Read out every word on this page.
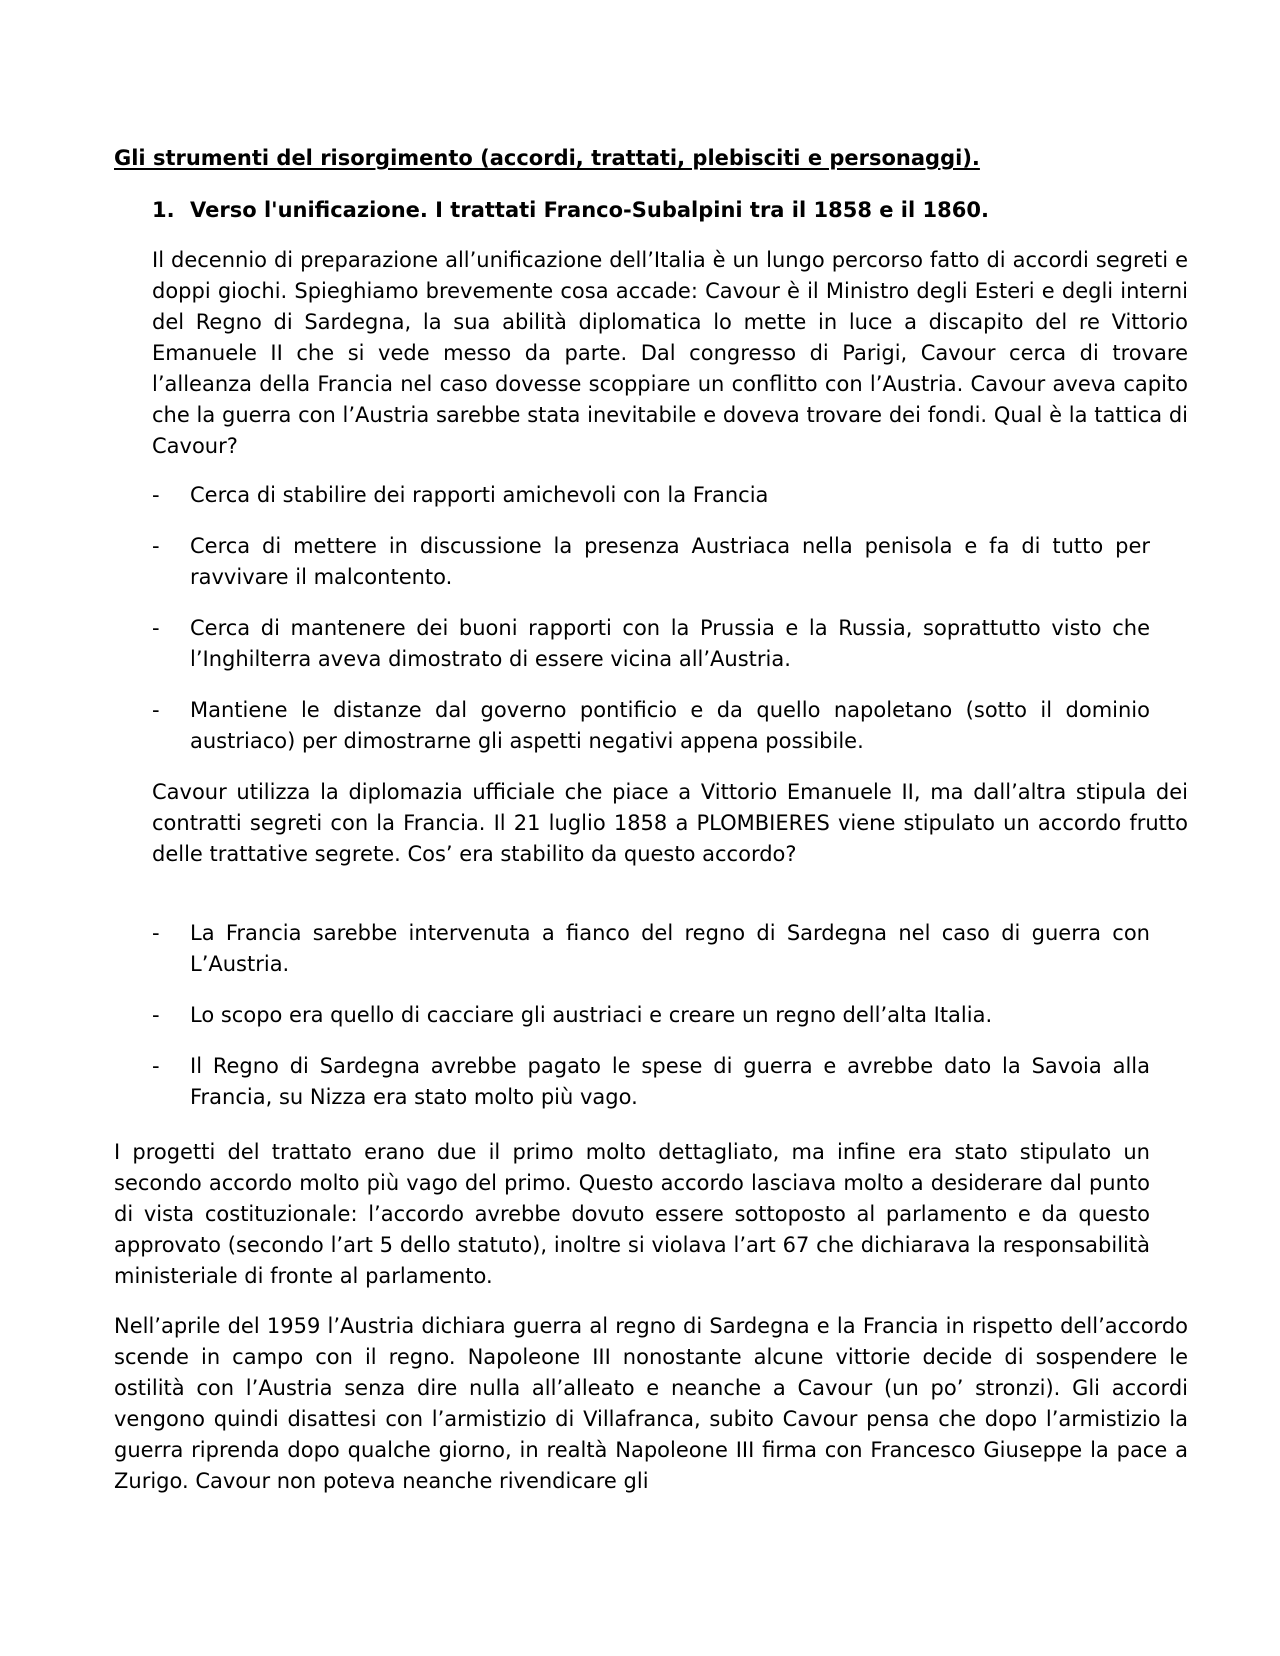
Gli strumenti del risorgimento (accordi, trattati, plebisciti e personaggi).
1. Verso l'unificazione. I trattati Franco-Subalpini tra il 1858 e il 1860.

Il decennio di preparazione all’unificazione dell’Italia è un lungo percorso fatto di accordi segreti e doppi giochi. Spieghiamo brevemente cosa accade: Cavour è il Ministro degli Esteri e degli interni del Regno di Sardegna, la sua abilità diplomatica lo mette in luce a discapito del re Vittorio Emanuele II che si vede messo da parte. Dal congresso di Parigi, Cavour cerca di trovare l’alleanza della Francia nel caso dovesse scoppiare un conflitto con l’Austria. Cavour aveva capito che la guerra con l’Austria sarebbe stata inevitabile e doveva trovare dei fondi. Qual è la tattica di Cavour?

- Cerca di stabilire dei rapporti amichevoli con la Francia
- Cerca di mettere in discussione la presenza Austriaca nella penisola e fa di tutto per ravvivare il malcontento.
- Cerca di mantenere dei buoni rapporti con la Prussia e la Russia, soprattutto visto che l’Inghilterra aveva dimostrato di essere vicina all’Austria.
- Mantiene le distanze dal governo pontificio e da quello napoletano (sotto il dominio austriaco) per dimostrarne gli aspetti negativi appena possibile.

Cavour utilizza la diplomazia ufficiale che piace a Vittorio Emanuele II, ma dall’altra stipula dei contratti segreti con la Francia. Il 21 luglio 1858 a PLOMBIERES viene stipulato un accordo frutto delle trattative segrete. Cos’ era stabilito da questo accordo?

- La Francia sarebbe intervenuta a fianco del regno di Sardegna nel caso di guerra con L’Austria.
- Lo scopo era quello di cacciare gli austriaci e creare un regno dell’alta Italia.
- Il Regno di Sardegna avrebbe pagato le spese di guerra e avrebbe dato la Savoia alla Francia, su Nizza era stato molto più vago.

I progetti del trattato erano due il primo molto dettagliato, ma infine era stato stipulato un secondo accordo molto più vago del primo. Questo accordo lasciava molto a desiderare dal punto di vista costituzionale: l’accordo avrebbe dovuto essere sottoposto al parlamento e da questo approvato (secondo l’art 5 dello statuto), inoltre si violava l’art 67 che dichiarava la responsabilità ministeriale di fronte al parlamento.

Nell’aprile del 1959 l’Austria dichiara guerra al regno di Sardegna e la Francia in rispetto dell’accordo scende in campo con il regno. Napoleone III nonostante alcune vittorie decide di sospendere le ostilità con l’Austria senza dire nulla all’alleato e neanche a Cavour (un po’ stronzi). Gli accordi vengono quindi disattesi con l’armistizio di Villafranca, subito Cavour pensa che dopo l’armistizio la guerra riprenda dopo qualche giorno, in realtà Napoleone III firma con Francesco Giuseppe la pace a Zurigo. Cavour non poteva neanche rivendicare gli
